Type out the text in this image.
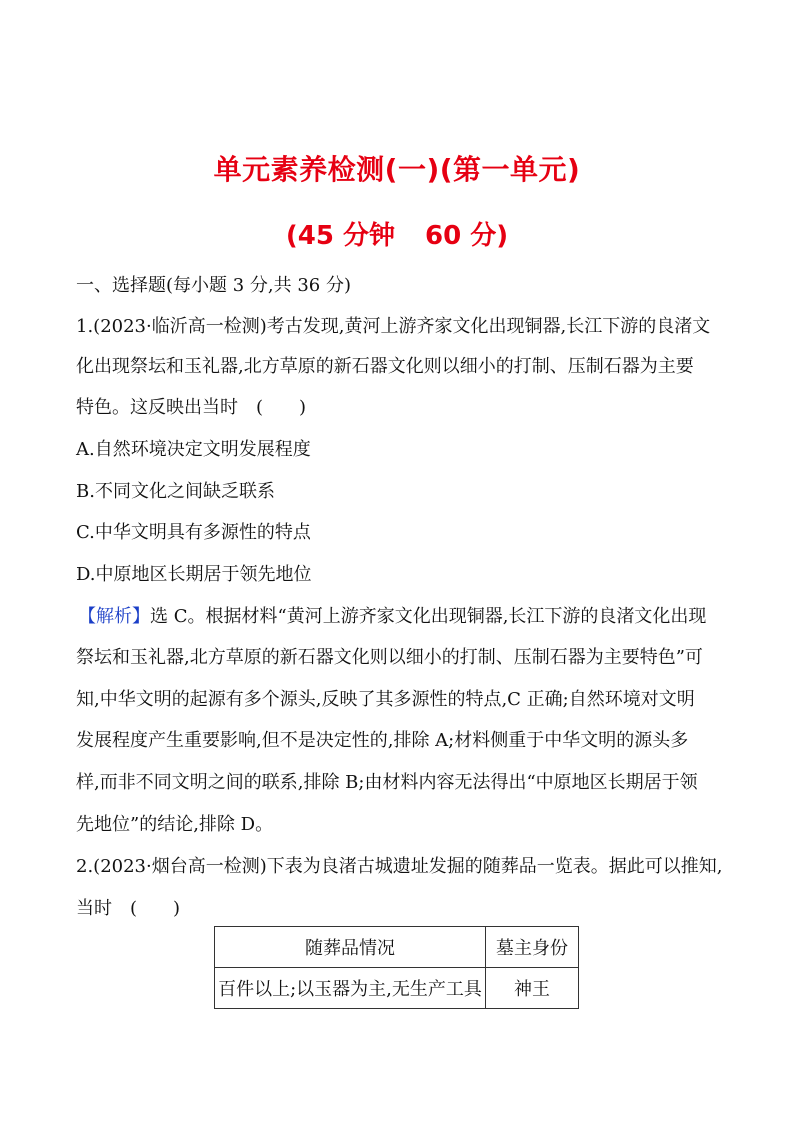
单元素养检测(一)(第一单元)
(45 分钟 60 分)
一、选择题(每小题 3 分,共 36 分)
1.(2023·临沂高一检测)考古发现,黄河上游齐家文化出现铜器,长江下游的良渚文
化出现祭坛和玉礼器,北方草原的新石器文化则以细小的打制、压制石器为主要
特色。这反映出当时　(　　)
A.自然环境决定文明发展程度
B.不同文化之间缺乏联系
C.中华文明具有多源性的特点
D.中原地区长期居于领先地位
【解析】选 C。根据材料“黄河上游齐家文化出现铜器,长江下游的良渚文化出现
祭坛和玉礼器,北方草原的新石器文化则以细小的打制、压制石器为主要特色”可
知,中华文明的起源有多个源头,反映了其多源性的特点,C 正确;自然环境对文明
发展程度产生重要影响,但不是决定性的,排除 A;材料侧重于中华文明的源头多
样,而非不同文明之间的联系,排除 B;由材料内容无法得出“中原地区长期居于领
先地位”的结论,排除 D。
2.(2023·烟台高一检测)下表为良渚古城遗址发掘的随葬品一览表。据此可以推知,
当时　(　　)
随葬品情况	墓主身份
百件以上;以玉器为主,无生产工具	神王
